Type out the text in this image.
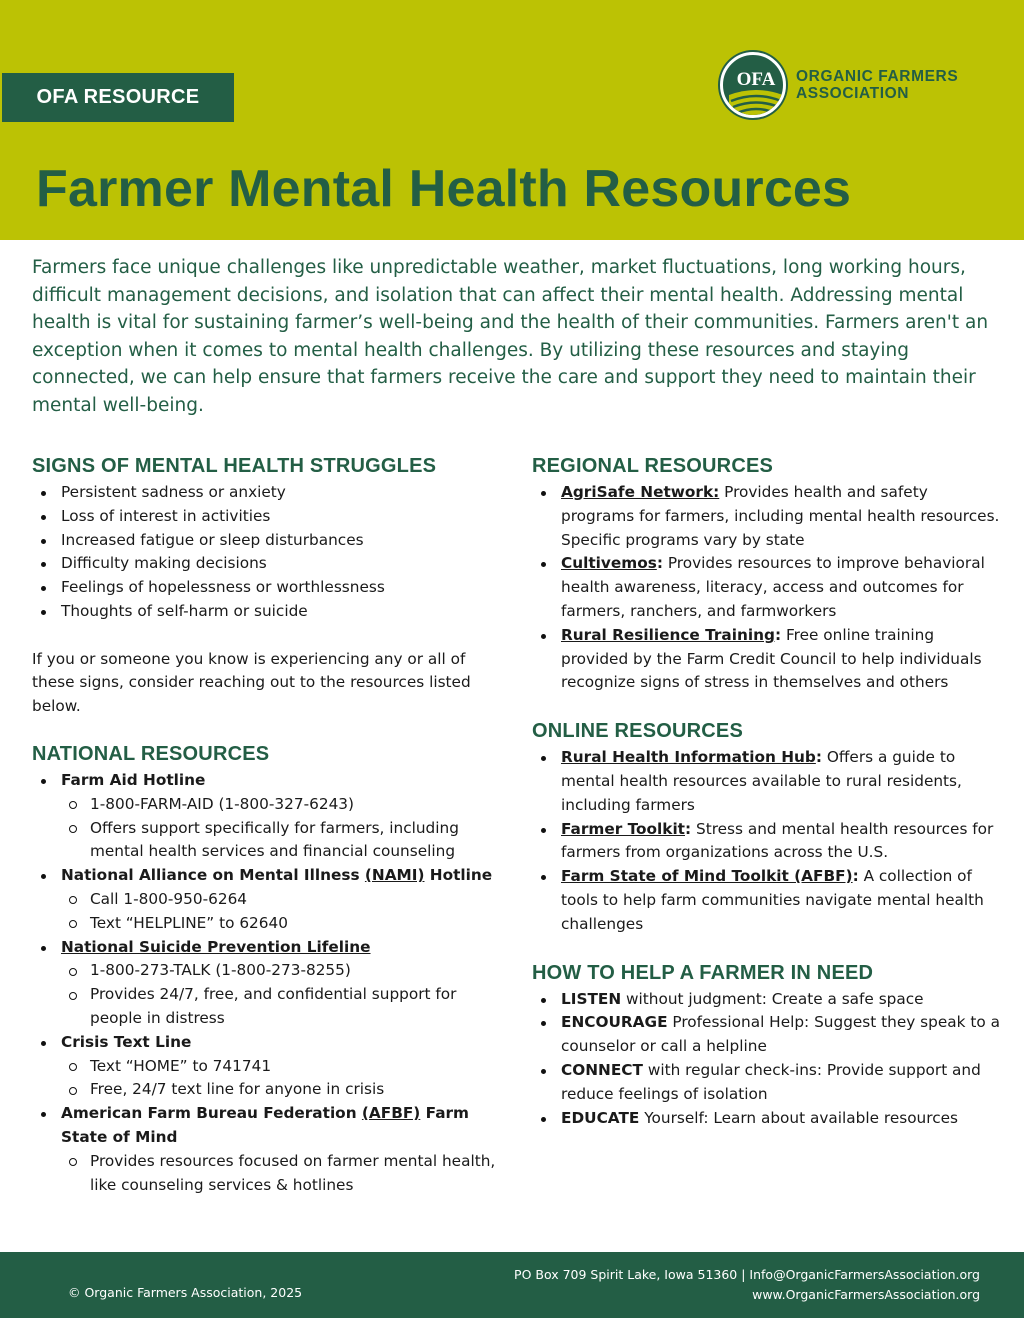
OFA RESOURCE
OFA ORGANIC FARMERS
ASSOCIATION
Farmer Mental Health Resources

Farmers face unique challenges like unpredictable weather, market fluctuations, long working hours, difficult management decisions, and isolation that can affect their mental health. Addressing mental health is vital for sustaining farmer’s well-being and the health of their communities. Farmers aren't an exception when it comes to mental health challenges. By utilizing these resources and staying connected, we can help ensure that farmers receive the care and support they need to maintain their mental well-being.

SIGNS OF MENTAL HEALTH STRUGGLES
Persistent sadness or anxiety
Loss of interest in activities
Increased fatigue or sleep disturbances
Difficulty making decisions
Feelings of hopelessness or worthlessness
Thoughts of self-harm or suicide

If you or someone you know is experiencing any or all of these signs, consider reaching out to the resources listed below.

NATIONAL RESOURCES
Farm Aid Hotline
1-800-FARM-AID (1-800-327-6243)
Offers support specifically for farmers, including mental health services and financial counseling
National Alliance on Mental Illness (NAMI) Hotline
Call 1-800-950-6264
Text “HELPLINE” to 62640
National Suicide Prevention Lifeline
1-800-273-TALK (1-800-273-8255)
Provides 24/7, free, and confidential support for people in distress
Crisis Text Line
Text “HOME” to 741741
Free, 24/7 text line for anyone in crisis
American Farm Bureau Federation (AFBF) Farm State of Mind
Provides resources focused on farmer mental health, like counseling services & hotlines
REGIONAL RESOURCES
AgriSafe Network: Provides health and safety programs for farmers, including mental health resources. Specific programs vary by state
Cultivemos: Provides resources to improve behavioral health awareness, literacy, access and outcomes for farmers, ranchers, and farmworkers
Rural Resilience Training: Free online training provided by the Farm Credit Council to help individuals recognize signs of stress in themselves and others
ONLINE RESOURCES
Rural Health Information Hub: Offers a guide to mental health resources available to rural residents, including farmers
Farmer Toolkit: Stress and mental health resources for farmers from organizations across the U.S.
Farm State of Mind Toolkit (AFBF): A collection of tools to help farm communities navigate mental health challenges
HOW TO HELP A FARMER IN NEED
LISTEN without judgment: Create a safe space
ENCOURAGE Professional Help: Suggest they speak to a counselor or call a helpline
CONNECT with regular check-ins: Provide support and reduce feelings of isolation
EDUCATE Yourself: Learn about available resources
© Organic Farmers Association, 2025
PO Box 709 Spirit Lake, Iowa 51360 | Info@OrganicFarmersAssociation.org
www.OrganicFarmersAssociation.org
